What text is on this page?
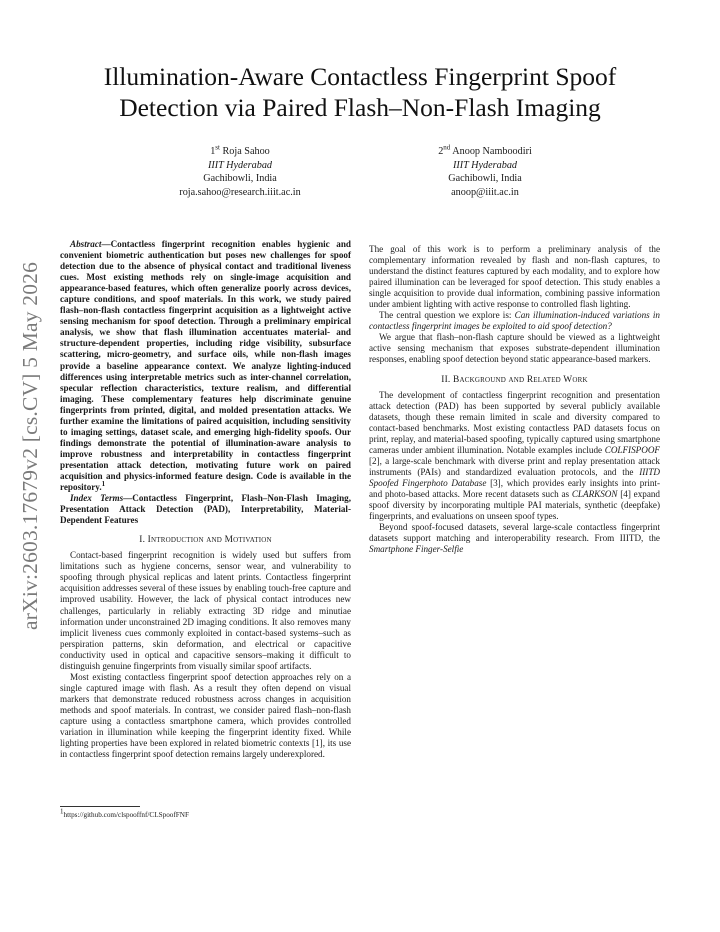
arXiv:2603.17679v2 [cs.CV] 5 May 2026
Illumination-Aware Contactless Fingerprint Spoof Detection via Paired Flash–Non-Flash Imaging
1st Roja Sahoo
IIIT Hyderabad
Gachibowli, India
roja.sahoo@research.iiit.ac.in
2nd Anoop Namboodiri
IIIT Hyderabad
Gachibowli, India
anoop@iiit.ac.in

Abstract—Contactless fingerprint recognition enables hygienic and convenient biometric authentication but poses new challenges for spoof detection due to the absence of physical contact and traditional liveness cues. Most existing methods rely on single-image acquisition and appearance-based features, which often generalize poorly across devices, capture conditions, and spoof materials. In this work, we study paired flash–non-flash contactless fingerprint acquisition as a lightweight active sensing mechanism for spoof detection. Through a preliminary empirical analysis, we show that flash illumination accentuates material- and structure-dependent properties, including ridge visibility, subsurface scattering, micro-geometry, and surface oils, while non-flash images provide a baseline appearance context. We analyze lighting-induced differences using interpretable metrics such as inter-channel correlation, specular reflection characteristics, texture realism, and differential imaging. These complementary features help discriminate genuine fingerprints from printed, digital, and molded presentation attacks. We further examine the limitations of paired acquisition, including sensitivity to imaging settings, dataset scale, and emerging high-fidelity spoofs. Our findings demonstrate the potential of illumination-aware analysis to improve robustness and interpretability in contactless fingerprint presentation attack detection, motivating future work on paired acquisition and physics-informed feature design. Code is available in the repository.$^1$

Index Terms—Contactless Fingerprint, Flash–Non-Flash Imaging, Presentation Attack Detection (PAD), Interpretability, Material-Dependent Features

I. Introduction and Motivation

Contact-based fingerprint recognition is widely used but suffers from limitations such as hygiene concerns, sensor wear, and vulnerability to spoofing through physical replicas and latent prints. Contactless fingerprint acquisition addresses several of these issues by enabling touch-free capture and improved usability. However, the lack of physical contact introduces new challenges, particularly in reliably extracting 3D ridge and minutiae information under unconstrained 2D imaging conditions. It also removes many implicit liveness cues commonly exploited in contact-based systems–such as perspiration patterns, skin deformation, and electrical or capacitive conductivity used in optical and capacitive sensors–making it difficult to distinguish genuine fingerprints from visually similar spoof artifacts.

Most existing contactless fingerprint spoof detection approaches rely on a single captured image with flash. As a result they often depend on visual markers that demonstrate reduced robustness across changes in acquisition methods and spoof materials. In contrast, we consider paired flash–non-flash capture using a contactless smartphone camera, which provides controlled variation in illumination while keeping the fingerprint identity fixed. While lighting properties have been explored in related biometric contexts [1], its use in contactless fingerprint spoof detection remains largely underexplored.

The goal of this work is to perform a preliminary analysis of the complementary information revealed by flash and non-flash captures, to understand the distinct features captured by each modality, and to explore how paired illumination can be leveraged for spoof detection. This study enables a single acquisition to provide dual information, combining passive information under ambient lighting with active response to controlled flash lighting.

The central question we explore is: Can illumination-induced variations in contactless fingerprint images be exploited to aid spoof detection?

We argue that flash–non-flash capture should be viewed as a lightweight active sensing mechanism that exposes substrate-dependent illumination responses, enabling spoof detection beyond static appearance-based markers.

II. Background and Related Work

The development of contactless fingerprint recognition and presentation attack detection (PAD) has been supported by several publicly available datasets, though these remain limited in scale and diversity compared to contact-based benchmarks. Most existing contactless PAD datasets focus on print, replay, and material-based spoofing, typically captured using smartphone cameras under ambient illumination. Notable examples include COLFISPOOF [2], a large-scale benchmark with diverse print and replay presentation attack instruments (PAIs) and standardized evaluation protocols, and the IIITD Spoofed Fingerphoto Database [3], which provides early insights into print- and photo-based attacks. More recent datasets such as CLARKSON [4] expand spoof diversity by incorporating multiple PAI materials, synthetic (deepfake) fingerprints, and evaluations on unseen spoof types.

Beyond spoof-focused datasets, several large-scale contactless fingerprint datasets support matching and interoperability research. From IIITD, the Smartphone Finger-Selfie

$^1$https://github.com/clspooffnf/CLSpoofFNF
